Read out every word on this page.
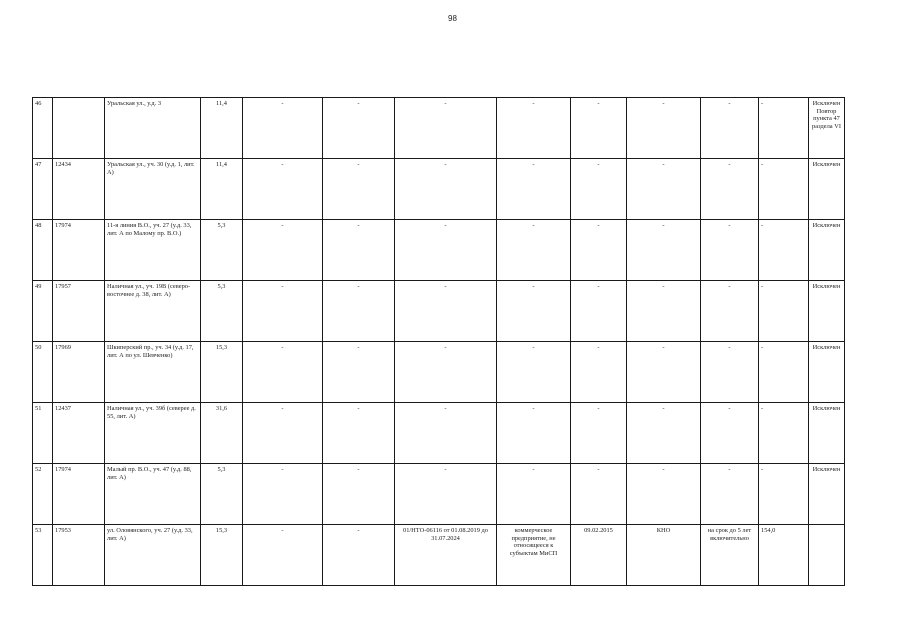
98
46		Уральская ул., у.д. 3	11,4	-	-	-	-	-	-	-	-	Исключен Повтор пункта 47 раздела VI
47	12434	Уральская ул., уч. 30 (у.д. 1, лит. А)	11,4	-	-	-	-	-	-	-	-	Исключен
48	17974	11-я линия В.О., уч. 27 (у.д. 33, лит. А по Малому пр. В.О.)	5,3	-	-	-	-	-	-	-	-	Исключен
49	17957	Наличная ул., уч. 19В (северо-восточнее д. 38, лит. А)	5,3	-	-	-	-	-	-	-	-	Исключен
50	17969	Шкиперский пр., уч. 34 (у.д. 17, лит. А по ул. Шевченко)	15,3	-	-	-	-	-	-	-	-	Исключен
51	12437	Наличная ул., уч. 39б (северее д. 55, лит. А)	31,6	-	-	-	-	-	-	-	-	Исключен
52	17974	Малый пр. В.О., уч. 47 (у.д. 88, лит. А)	5,3	-	-	-	-	-	-	-	-	Исключен
53	17953	ул. Оловянского, уч. 27 (у.д. 33, лит. А)	15,3	-	-	01/НТО-06116 от 01.08.2019 до 31.07.2024	коммерческое предприятие, не относящееся к субъектам МиСП	09.02.2015	КНО	на срок до 5 лет включительно	154,0	
